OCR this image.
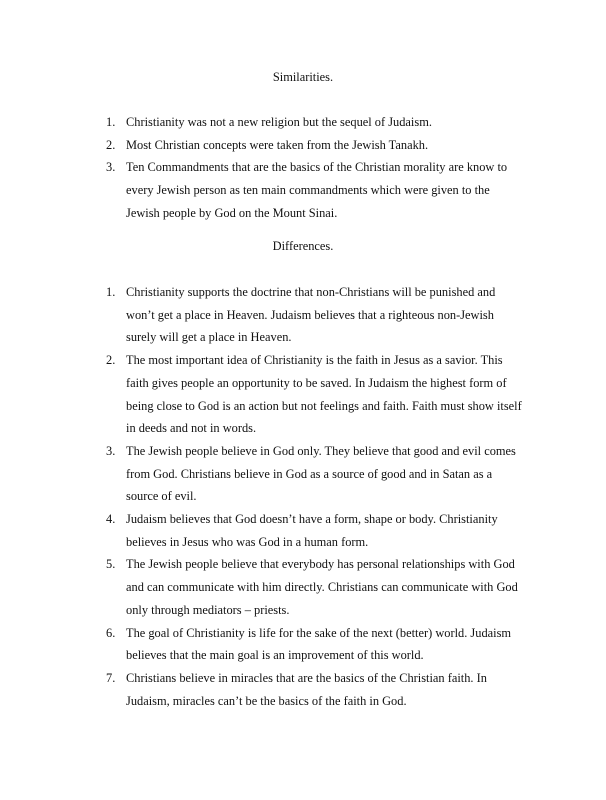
Similarities.
1. Christianity was not a new religion but the sequel of Judaism.
2. Most Christian concepts were taken from the Jewish Tanakh.
3. Ten Commandments that are the basics of the Christian morality are know to every Jewish person as ten main commandments which were given to the Jewish people by God on the Mount Sinai.
Differences.
1. Christianity supports the doctrine that non-Christians will be punished and won’t get a place in Heaven. Judaism believes that a righteous non-Jewish surely will get a place in Heaven.
2. The most important idea of Christianity is the faith in Jesus as a savior. This faith gives people an opportunity to be saved. In Judaism the highest form of being close to God is an action but not feelings and faith. Faith must show itself in deeds and not in words.
3. The Jewish people believe in God only. They believe that good and evil comes from God. Christians believe in God as a source of good and in Satan as a source of evil.
4. Judaism believes that God doesn’t have a form, shape or body. Christianity believes in Jesus who was God in a human form.
5. The Jewish people believe that everybody has personal relationships with God and can communicate with him directly. Christians can communicate with God only through mediators – priests.
6. The goal of Christianity is life for the sake of the next (better) world. Judaism believes that the main goal is an improvement of this world.
7. Christians believe in miracles that are the basics of the Christian faith. In Judaism, miracles can’t be the basics of the faith in God.
